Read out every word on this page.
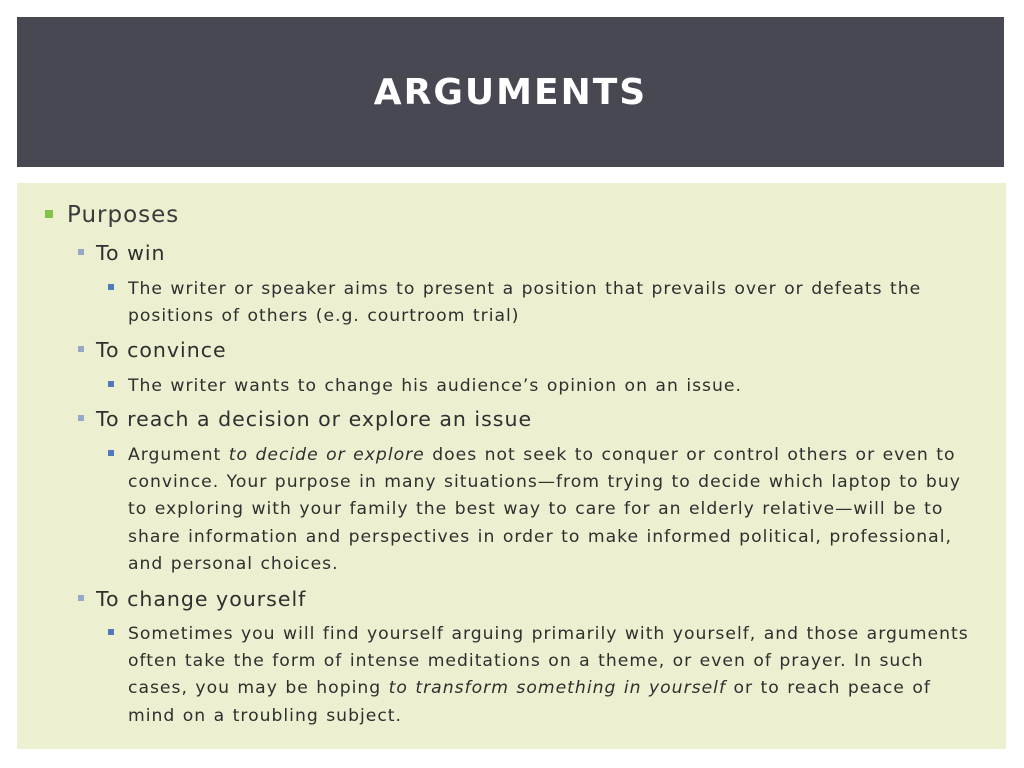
ARGUMENTS
Purposes
To win
The writer or speaker aims to present a position that prevails over or defeats the positions of others (e.g. courtroom trial)
To convince
The writer wants to change his audience’s opinion on an issue.
To reach a decision or explore an issue
Argument to decide or explore does not seek to conquer or control others or even to convince. Your purpose in many situations—from trying to decide which laptop to buy to exploring with your family the best way to care for an elderly relative—will be to share information and perspectives in order to make informed political, professional, and personal choices.
To change yourself
Sometimes you will find yourself arguing primarily with yourself, and those arguments often take the form of intense meditations on a theme, or even of prayer. In such cases, you may be hoping to transform something in yourself or to reach peace of mind on a troubling subject.
